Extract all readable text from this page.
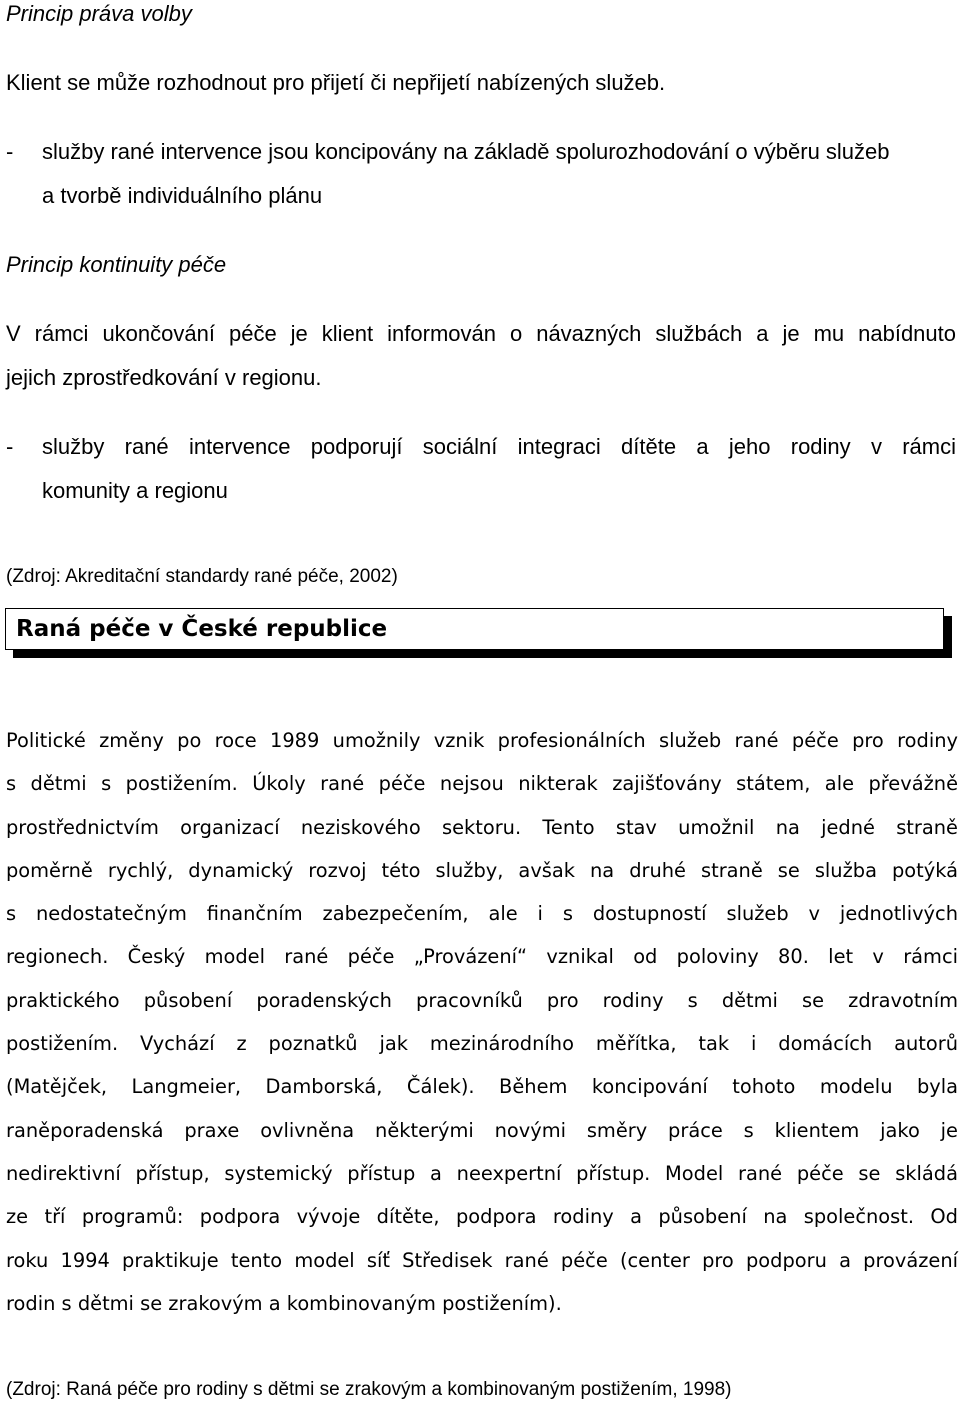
Princip práva volby

Klient se může rozhodnout pro přijetí či nepřijetí nabízených služeb.

- služby rané intervence jsou koncipovány na základě spolurozhodování o výběru služeb

a tvorbě individuálního plánu

Princip kontinuity péče

V rámci ukončování péče je klient informován o návazných službách a je mu nabídnuto

jejich zprostředkování v regionu.

- služby rané intervence podporují sociální integraci dítěte a jeho rodiny v rámci

komunity a regionu

(Zdroj: Akreditační standardy rané péče, 2002)

Raná péče v České republice
Politické změny po roce 1989 umožnily vznik profesionálních služeb rané péče pro rodiny
s dětmi s postižením. Úkoly rané péče nejsou nikterak zajišťovány státem, ale převážně
prostřednictvím organizací neziskového sektoru. Tento stav umožnil na jedné straně
poměrně rychlý, dynamický rozvoj této služby, avšak na druhé straně se služba potýká
s nedostatečným finančním zabezpečením, ale i s dostupností služeb v jednotlivých
regionech. Český model rané péče „Provázení“ vznikal od poloviny 80. let v rámci
praktického působení poradenských pracovníků pro rodiny s dětmi se zdravotním
postižením. Vychází z poznatků jak mezinárodního měřítka, tak i domácích autorů
(Matějček, Langmeier, Damborská, Čálek). Během koncipování tohoto modelu byla
raněporadenská praxe ovlivněna některými novými směry práce s klientem jako je
nedirektivní přístup, systemický přístup a neexpertní přístup. Model rané péče se skládá
ze tří programů: podpora vývoje dítěte, podpora rodiny a působení na společnost. Od
roku 1994 praktikuje tento model síť Středisek rané péče (center pro podporu a provázení
rodin s dětmi se zrakovým a kombinovaným postižením).

(Zdroj: Raná péče pro rodiny s dětmi se zrakovým a kombinovaným postižením, 1998)
